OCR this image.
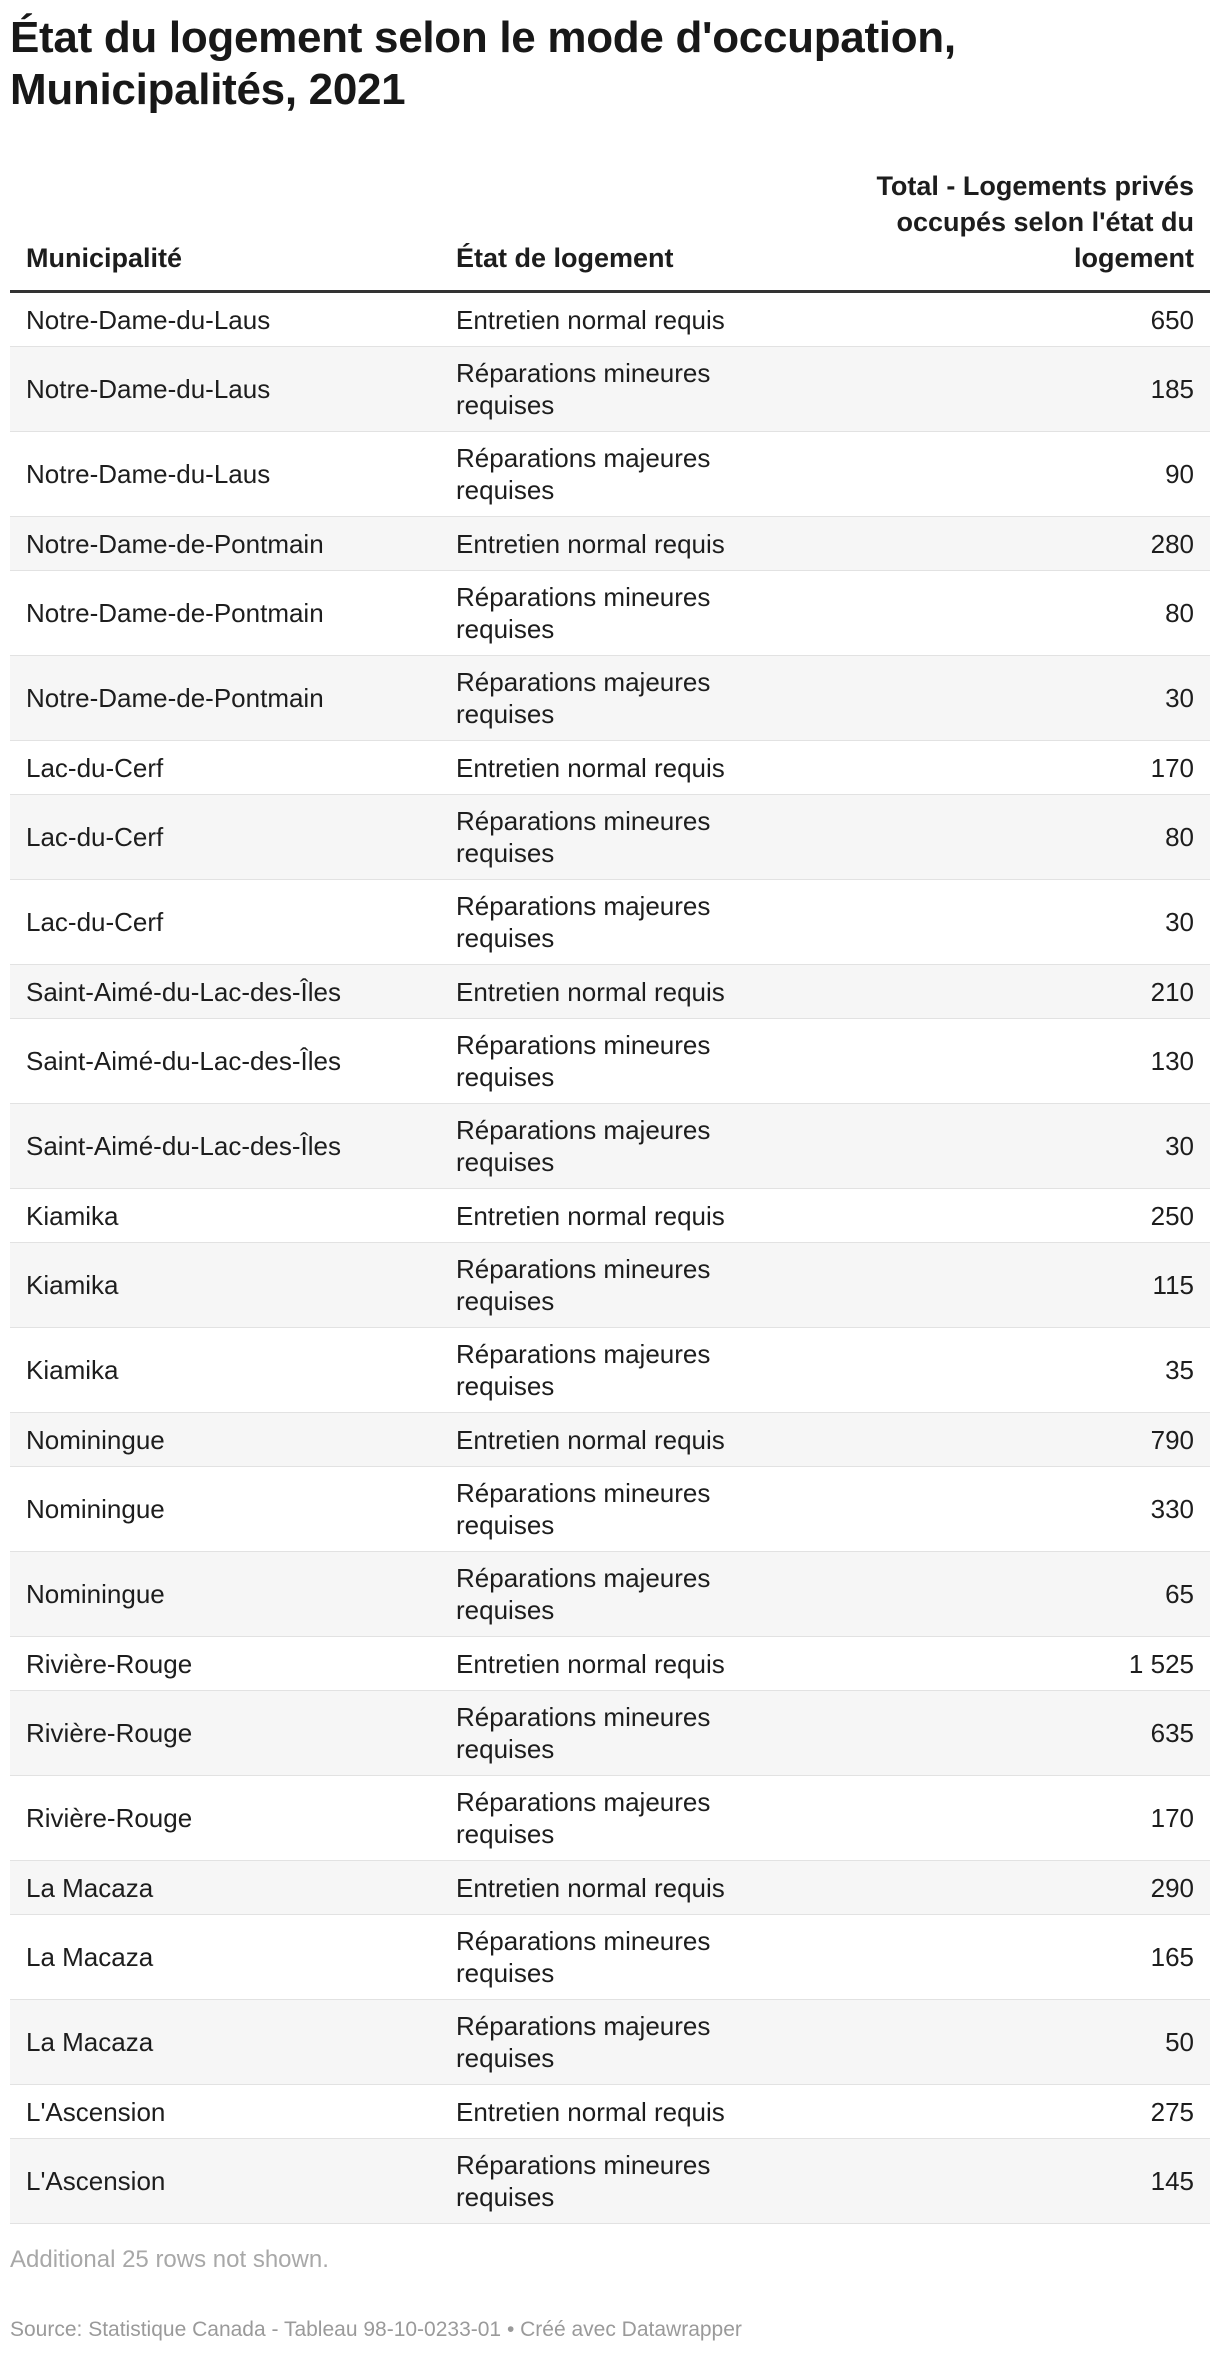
État du logement selon le mode d'occupation, Municipalités, 2021
Municipalité	État de logement	Total - Logements privés occupés selon l'état du logement
Notre-Dame-du-Laus	Entretien normal requis	650
Notre-Dame-du-Laus	Réparations mineures requises	185
Notre-Dame-du-Laus	Réparations majeures requises	90
Notre-Dame-de-Pontmain	Entretien normal requis	280
Notre-Dame-de-Pontmain	Réparations mineures requises	80
Notre-Dame-de-Pontmain	Réparations majeures requises	30
Lac-du-Cerf	Entretien normal requis	170
Lac-du-Cerf	Réparations mineures requises	80
Lac-du-Cerf	Réparations majeures requises	30
Saint-Aimé-du-Lac-des-Îles	Entretien normal requis	210
Saint-Aimé-du-Lac-des-Îles	Réparations mineures requises	130
Saint-Aimé-du-Lac-des-Îles	Réparations majeures requises	30
Kiamika	Entretien normal requis	250
Kiamika	Réparations mineures requises	115
Kiamika	Réparations majeures requises	35
Nominingue	Entretien normal requis	790
Nominingue	Réparations mineures requises	330
Nominingue	Réparations majeures requises	65
Rivière-Rouge	Entretien normal requis	1 525
Rivière-Rouge	Réparations mineures requises	635
Rivière-Rouge	Réparations majeures requises	170
La Macaza	Entretien normal requis	290
La Macaza	Réparations mineures requises	165
La Macaza	Réparations majeures requises	50
L'Ascension	Entretien normal requis	275
L'Ascension	Réparations mineures requises	145
Additional 25 rows not shown.
Source: Statistique Canada - Tableau 98-10-0233-01 • Créé avec Datawrapper
